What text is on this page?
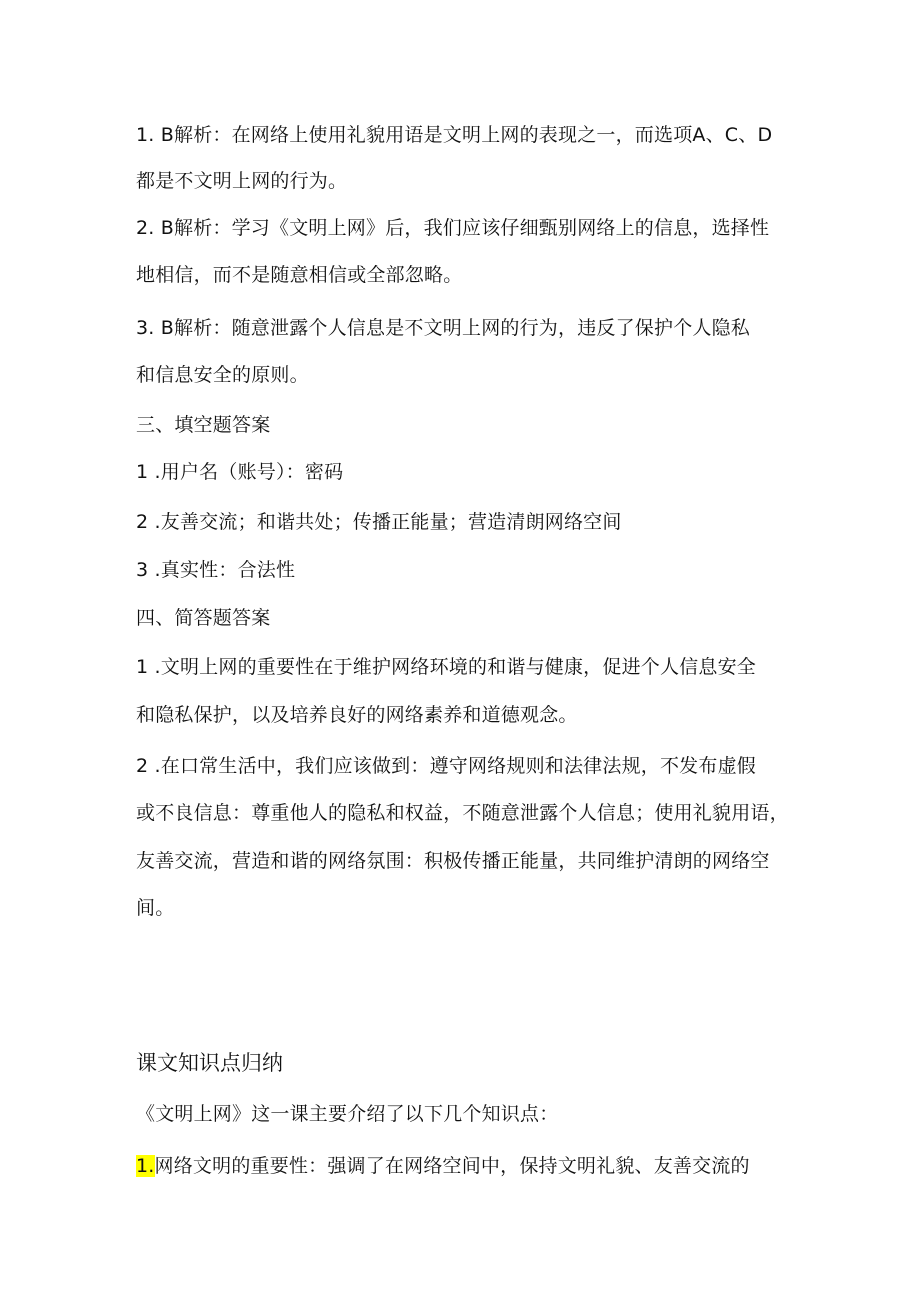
1. B解析：在网络上使用礼貌用语是文明上网的表现之一，而选项A、C、D
都是不文明上网的行为。
2. B解析：学习《文明上网》后，我们应该仔细甄别网络上的信息，选择性
地相信，而不是随意相信或全部忽略。
3. B解析：随意泄露个人信息是不文明上网的行为，违反了保护个人隐私
和信息安全的原则。
三、填空题答案
1 .用户名（账号）：密码
2 .友善交流；和谐共处；传播正能量；营造清朗网络空间
3 .真实性：合法性
四、简答题答案
1 .文明上网的重要性在于维护网络环境的和谐与健康，促进个人信息安全
和隐私保护，以及培养良好的网络素养和道德观念。
2 .在口常生活中，我们应该做到：遵守网络规则和法律法规，不发布虚假
或不良信息：尊重他人的隐私和权益，不随意泄露个人信息；使用礼貌用语，
友善交流，营造和谐的网络氛围：积极传播正能量，共同维护清朗的网络空
间。
课文知识点归纳
《文明上网》这一课主要介绍了以下几个知识点：
1.网络文明的重要性：强调了在网络空间中，保持文明礼貌、友善交流的
